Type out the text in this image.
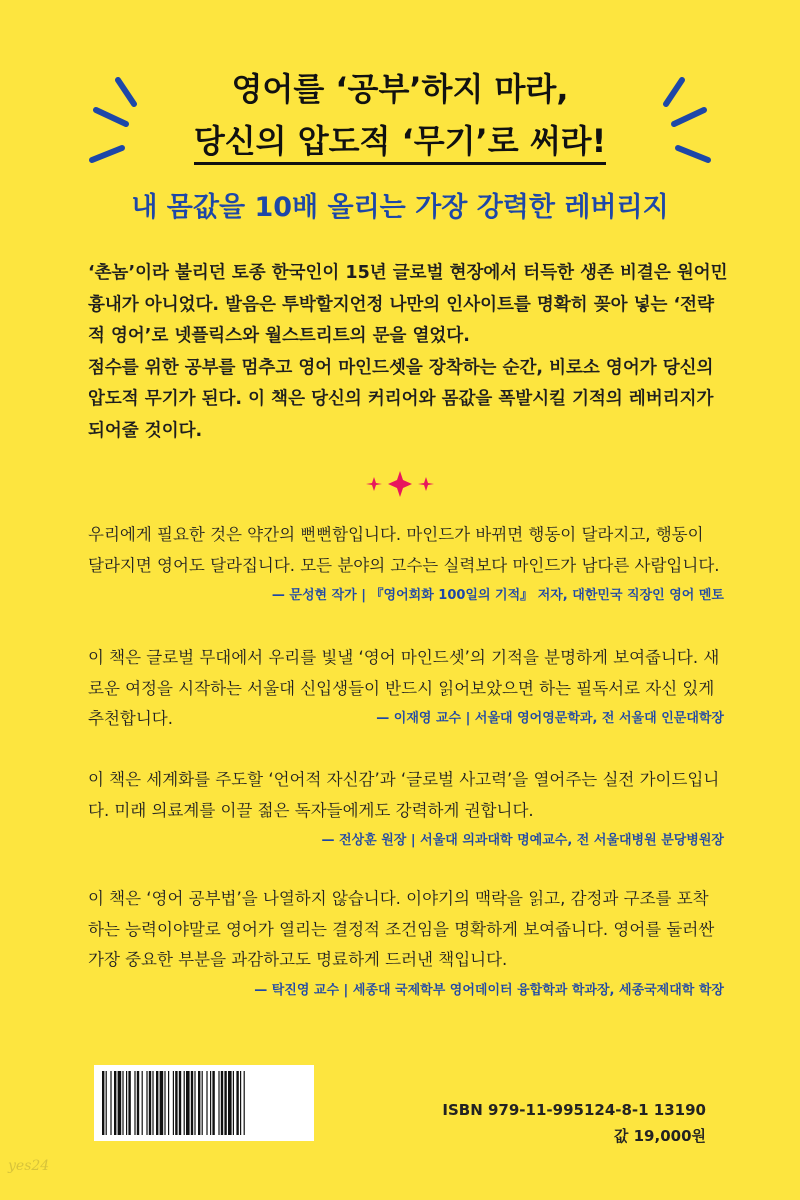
영어를 ‘공부’하지 마라,
당신의 압도적 ‘무기’로 써라!
내 몸값을 10배 올리는 가장 강력한 레버리지

‘촌놈’이라 불리던 토종 한국인이 15년 글로벌 현장에서 터득한 생존 비결은 원어민 흉내가 아니었다. 발음은 투박할지언정 나만의 인사이트를 명확히 꽂아 넣는 ‘전략적 영어’로 넷플릭스와 월스트리트의 문을 열었다.

점수를 위한 공부를 멈추고 영어 마인드셋을 장착하는 순간, 비로소 영어가 당신의 압도적 무기가 된다. 이 책은 당신의 커리어와 몸값을 폭발시킬 기적의 레버리지가 되어줄 것이다.

우리에게 필요한 것은 약간의 뻔뻔함입니다. 마인드가 바뀌면 행동이 달라지고, 행동이 달라지면 영어도 달라집니다. 모든 분야의 고수는 실력보다 마인드가 남다른 사람입니다.
— 문성현 작가 | 『영어회화 100일의 기적』 저자, 대한민국 직장인 영어 멘토

이 책은 글로벌 무대에서 우리를 빛낼 ‘영어 마인드셋’의 기적을 분명하게 보여줍니다. 새로운 여정을 시작하는 서울대 신입생들이 반드시 읽어보았으면 하는 필독서로 자신 있게 추천합니다.	— 이재영 교수 | 서울대 영어영문학과, 전 서울대 인문대학장

이 책은 세계화를 주도할 ‘언어적 자신감’과 ‘글로벌 사고력’을 열어주는 실전 가이드입니다. 미래 의료계를 이끌 젊은 독자들에게도 강력하게 권합니다.

— 전상훈 원장 | 서울대 의과대학 명예교수, 전 서울대병원 분당병원장

이 책은 ‘영어 공부법’을 나열하지 않습니다. 이야기의 맥락을 읽고, 감정과 구조를 포착하는 능력이야말로 영어가 열리는 결정적 조건임을 명확하게 보여줍니다. 영어를 둘러싼 가장 중요한 부분을 과감하고도 명료하게 드러낸 책입니다.

— 탁진영 교수 | 세종대 국제학부 영어데이터 융합학과 학과장, 세종국제대학 학장
ISBN 979-11-995124-8-1 13190
값 19,000원
yes24
